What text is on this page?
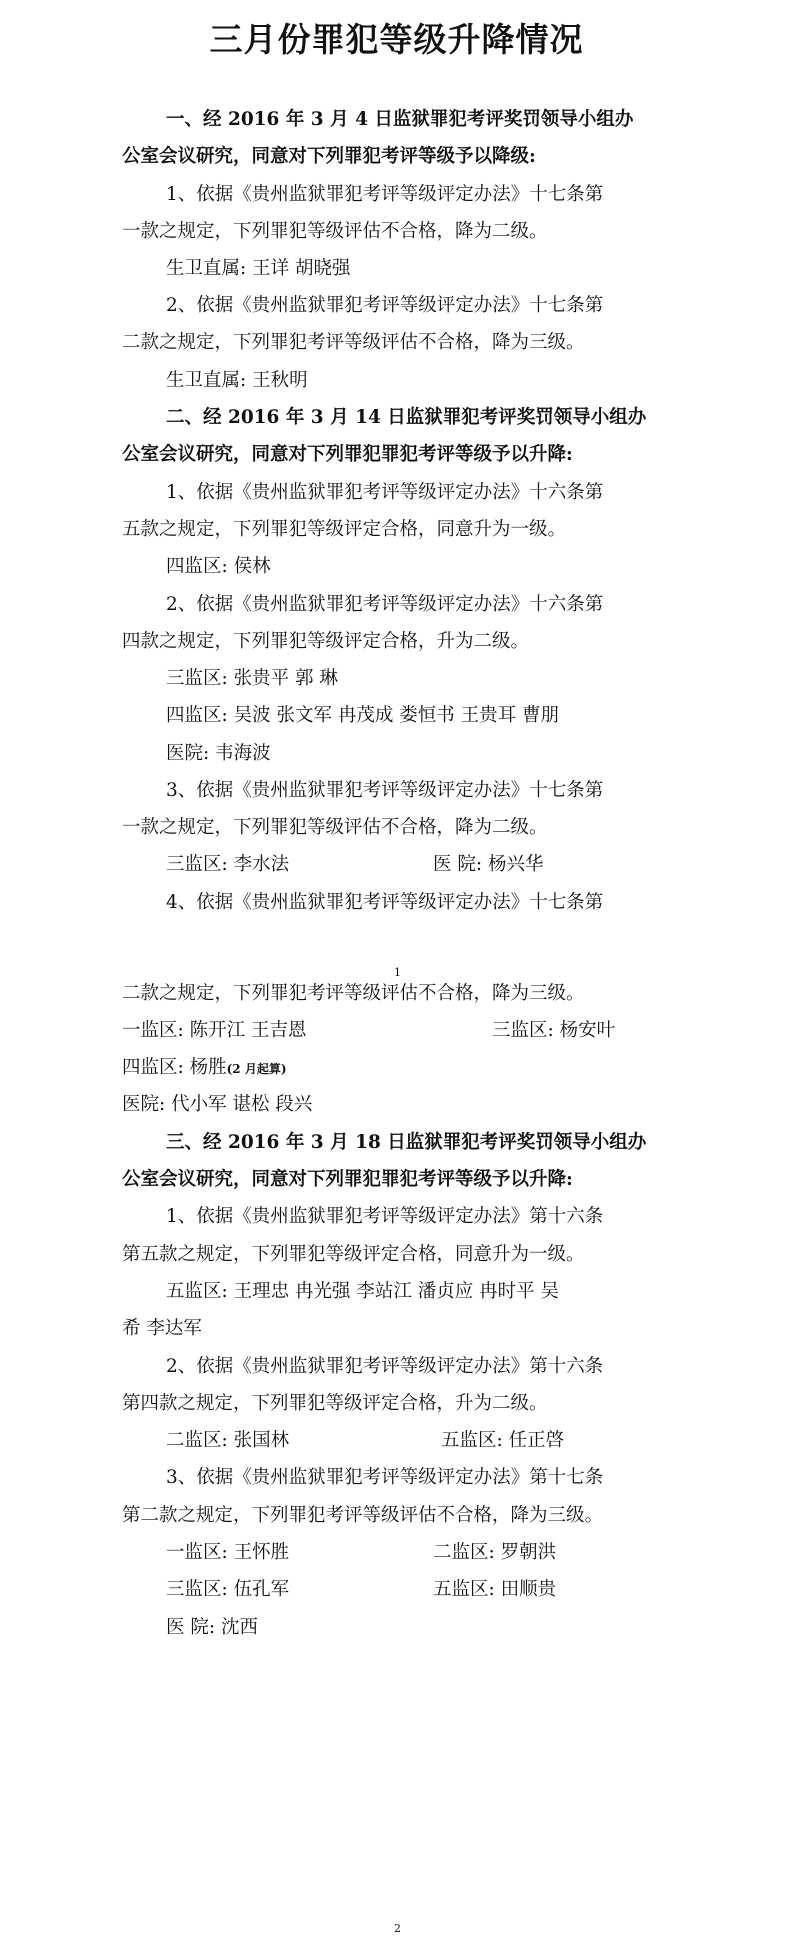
三月份罪犯等级升降情况
一、经 2016 年 3 月 4 日监狱罪犯考评奖罚领导小组办
公室会议研究，同意对下列罪犯考评等级予以降级:
1、依据《贵州监狱罪犯考评等级评定办法》十七条第
一款之规定，下列罪犯等级评估不合格，降为二级。
生卫直属: 王详 胡晓强
2、依据《贵州监狱罪犯考评等级评定办法》十七条第
二款之规定，下列罪犯考评等级评估不合格，降为三级。
生卫直属: 王秋明
二、经 2016 年 3 月 14 日监狱罪犯考评奖罚领导小组办
公室会议研究，同意对下列罪犯罪犯考评等级予以升降:
1、依据《贵州监狱罪犯考评等级评定办法》十六条第
五款之规定，下列罪犯等级评定合格，同意升为一级。
四监区: 侯林
2、依据《贵州监狱罪犯考评等级评定办法》十六条第
四款之规定，下列罪犯等级评定合格，升为二级。
三监区: 张贵平 郭 琳
四监区: 吴波 张文军 冉茂成 娄恒书 王贵耳 曹朋
医院: 韦海波
3、依据《贵州监狱罪犯考评等级评定办法》十七条第
一款之规定，下列罪犯等级评估不合格，降为二级。
三监区: 李水法	医 院: 杨兴华
4、依据《贵州监狱罪犯考评等级评定办法》十七条第
1
二款之规定，下列罪犯考评等级评估不合格，降为三级。
一监区: 陈开江 王吉恩	三监区: 杨安叶
四监区: 杨胜(2 月起算)
医院: 代小军 谌松 段兴
三、经 2016 年 3 月 18 日监狱罪犯考评奖罚领导小组办
公室会议研究，同意对下列罪犯罪犯考评等级予以升降:
1、依据《贵州监狱罪犯考评等级评定办法》第十六条
第五款之规定，下列罪犯等级评定合格，同意升为一级。
五监区: 王理忠 冉光强 李站江 潘贞应 冉时平 吴
希 李达军
2、依据《贵州监狱罪犯考评等级评定办法》第十六条
第四款之规定，下列罪犯等级评定合格，升为二级。
二监区: 张国林	五监区: 任正啓
3、依据《贵州监狱罪犯考评等级评定办法》第十七条
第二款之规定，下列罪犯考评等级评估不合格，降为三级。
一监区: 王怀胜	二监区: 罗朝洪
三监区: 伍孔军	五监区: 田顺贵
医 院: 沈西
2
